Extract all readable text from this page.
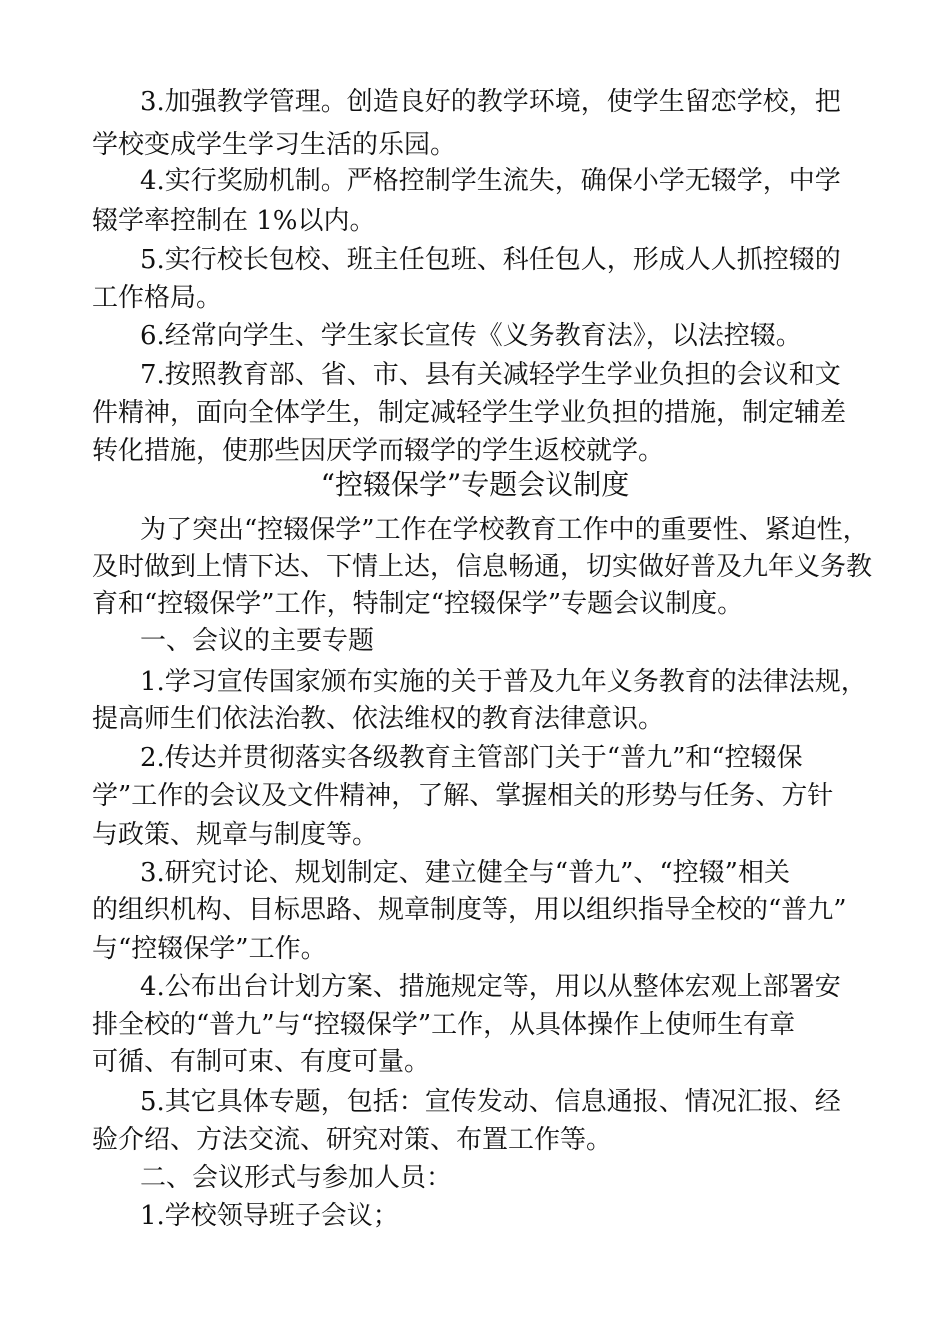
3.加强教学管理。创造良好的教学环境，使学生留恋学校，把
学校变成学生学习生活的乐园。
4.实行奖励机制。严格控制学生流失，确保小学无辍学，中学
辍学率控制在 1%以内。
5.实行校长包校、班主任包班、科任包人，形成人人抓控辍的
工作格局。
6.经常向学生、学生家长宣传《义务教育法》，以法控辍。
7.按照教育部、省、市、县有关减轻学生学业负担的会议和文
件精神，面向全体学生，制定减轻学生学业负担的措施，制定辅差
转化措施，使那些因厌学而辍学的学生返校就学。
“控辍保学”专题会议制度
为了突出“控辍保学”工作在学校教育工作中的重要性、紧迫性，
及时做到上情下达、下情上达，信息畅通，切实做好普及九年义务教
育和“控辍保学”工作，特制定“控辍保学”专题会议制度。
一、会议的主要专题
1.学习宣传国家颁布实施的关于普及九年义务教育的法律法规，
提高师生们依法治教、依法维权的教育法律意识。
2.传达并贯彻落实各级教育主管部门关于“普九”和“控辍保
学”工作的会议及文件精神，了解、掌握相关的形势与任务、方针
与政策、规章与制度等。
3.研究讨论、规划制定、建立健全与“普九”、“控辍”相关
的组织机构、目标思路、规章制度等，用以组织指导全校的“普九”
与“控辍保学”工作。
4.公布出台计划方案、措施规定等，用以从整体宏观上部署安
排全校的“普九”与“控辍保学”工作，从具体操作上使师生有章
可循、有制可束、有度可量。
5.其它具体专题，包括：宣传发动、信息通报、情况汇报、经
验介绍、方法交流、研究对策、布置工作等。
二、会议形式与参加人员：
1.学校领导班子会议；
